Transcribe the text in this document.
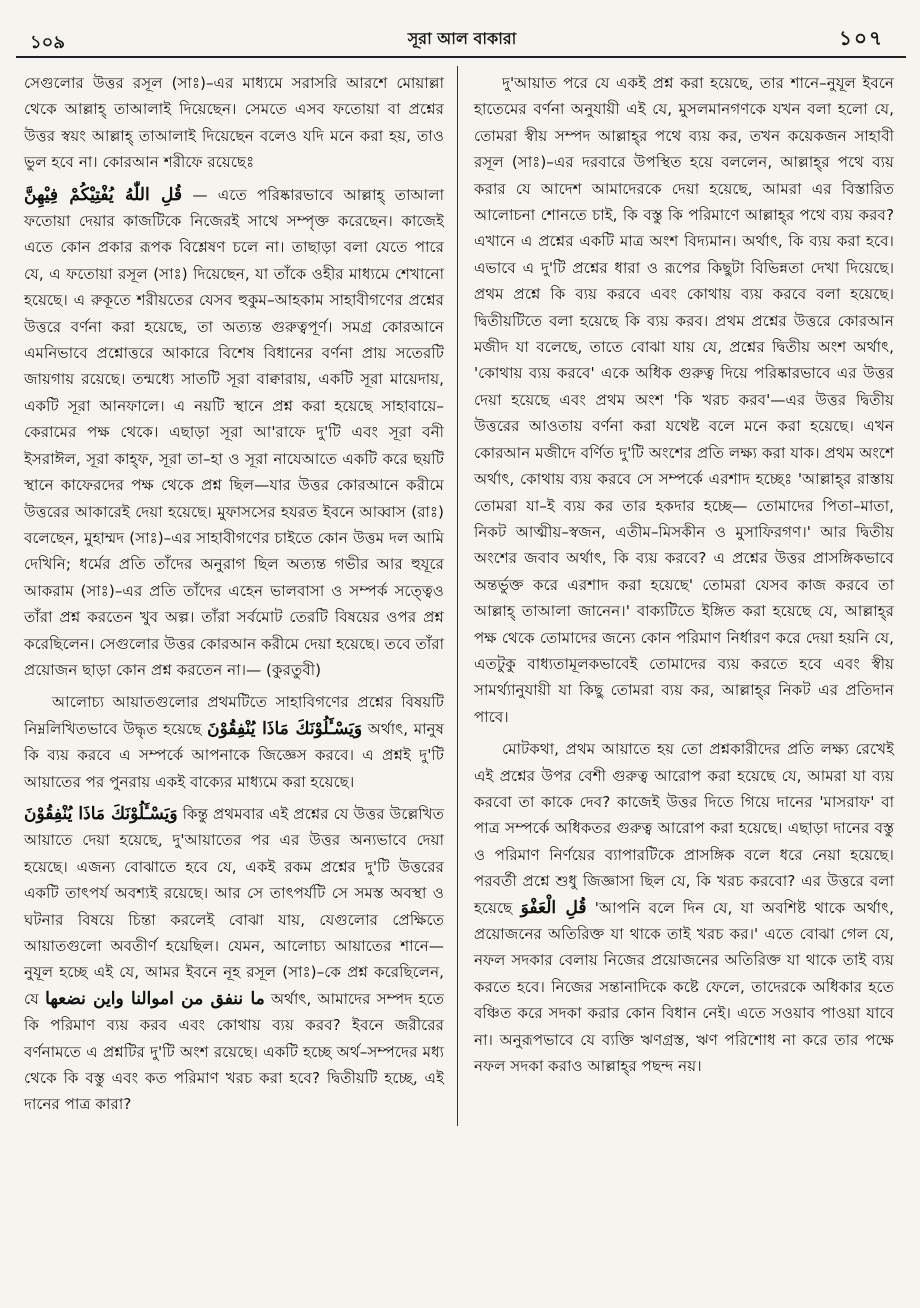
১০৯	সূরা আল বাকারা	১০৭

সেগুলোর উত্তর রসূল (সাঃ)–এর মাধ্যমে সরাসরি আরশে মোয়াল্লা থেকে আল্লাহ্ তাআলাই দিয়েছেন। সেমতে এসব ফতোয়া বা প্রশ্নের উত্তর স্বয়ং আল্লাহ্ তাআলাই দিয়েছেন বলেও যদি মনে করা হয়, তাও ভুল হবে না। কোরআন শরীফে রয়েছেঃ

قُلِ اللّٰهُ يُفْتِيْكُمْ فِيْهِنَّ — এতে পরিষ্কারভাবে আল্লাহ্ তাআলা ফতোয়া দেয়ার কাজটিকে নিজেরই সাথে সম্পৃক্ত করেছেন। কাজেই এতে কোন প্রকার রূপক বিশ্লেষণ চলে না। তাছাড়া বলা যেতে পারে যে, এ ফতোয়া রসূল (সাঃ) দিয়েছেন, যা তাঁকে ওহীর মাধ্যমে শেখানো হয়েছে। এ রুকূতে শরীয়তের যেসব হুকুম–আহকাম সাহাবীগণের প্রশ্নের উত্তরে বর্ণনা করা হয়েছে, তা অত্যন্ত গুরুত্বপূর্ণ। সমগ্র কোরআনে এমনিভাবে প্রশ্নোত্তরে আকারে বিশেষ বিধানের বর্ণনা প্রায় সতেরটি জায়গায় রয়েছে। তন্মধ্যে সাতটি সূরা বাক্বারায়, একটি সূরা মায়েদায়, একটি সূরা আনফালে। এ নয়টি স্থানে প্রশ্ন করা হয়েছে সাহাবায়ে–কেরামের পক্ষ থেকে। এছাড়া সূরা আ'রাফে দু'টি এবং সূরা বনী ইসরাঈল, সূরা কাহ্‌ফ, সূরা তা–হা ও সূরা নাযেআতে একটি করে ছয়টি স্থানে কাফেরদের পক্ষ থেকে প্রশ্ন ছিল—যার উত্তর কোরআনে করীমে উত্তরের আকারেই দেয়া হয়েছে। মুফাসসের হযরত ইবনে আব্বাস (রাঃ) বলেছেন, মুহাম্মদ (সাঃ)–এর সাহাবীগণের চাইতে কোন উত্তম দল আমি দেখিনি; ধর্মের প্রতি তাঁদের অনুরাগ ছিল অত্যন্ত গভীর আর হুযূরে আকরাম (সাঃ)–এর প্রতি তাঁদের এহেন ভালবাসা ও সম্পর্ক সত্ত্বেও তাঁরা প্রশ্ন করতেন খুব অল্প। তাঁরা সর্বমোট তেরটি বিষয়ের ওপর প্রশ্ন করেছিলেন। সেগুলোর উত্তর কোরআন করীমে দেয়া হয়েছে। তবে তাঁরা প্রয়োজন ছাড়া কোন প্রশ্ন করতেন না।— (কুরতুবী)

আলোচ্য আয়াতগুলোর প্রথমটিতে সাহাবিগণের প্রশ্নের বিষয়টি নিম্নলিখিতভাবে উদ্ধৃত হয়েছে وَيَسْـَٔلُوْنَكَ مَاذَا يُنْفِقُوْنَ অর্থাৎ, মানুষ কি ব্যয় করবে এ সম্পর্কে আপনাকে জিজ্ঞেস করবে। এ প্রশ্নই দু'টি আয়াতের পর পুনরায় একই বাক্যের মাধ্যমে করা হয়েছে।

وَيَسْـَٔلُوْنَكَ مَاذَا يُنْفِقُوْنَ কিন্তু প্রথমবার এই প্রশ্নের যে উত্তর উল্লেখিত আয়াতে দেয়া হয়েছে, দু'আয়াতের পর এর উত্তর অন্যভাবে দেয়া হয়েছে। এজন্য বোঝাতে হবে যে, একই রকম প্রশ্নের দু'টি উত্তরের একটি তাৎপর্য অবশ্যই রয়েছে। আর সে তাৎপর্যটি সে সমস্ত অবস্থা ও ঘটনার বিষয়ে চিন্তা করলেই বোঝা যায়, যেগুলোর প্রেক্ষিতে আয়াতগুলো অবতীর্ণ হয়েছিল। যেমন, আলোচ্য আয়াতের শানে—নুযূল হচ্ছে এই যে, আমর ইবনে নূহ রসূল (সাঃ)–কে প্রশ্ন করেছিলেন, যে ما ننفق من اموالنا واين نضعها অর্থাৎ, আমাদের সম্পদ হতে কি পরিমাণ ব্যয় করব এবং কোথায় ব্যয় করব? ইবনে জরীরের বর্ণনামতে এ প্রশ্নটির দু'টি অংশ রয়েছে। একটি হচ্ছে অর্থ–সম্পদের মধ্য থেকে কি বস্তু এবং কত পরিমাণ খরচ করা হবে? দ্বিতীয়টি হচ্ছে, এই দানের পাত্র কারা?

দু'আয়াত পরে যে একই প্রশ্ন করা হয়েছে, তার শানে–নুযূল ইবনে হাতেমের বর্ণনা অনুযায়ী এই যে, মুসলমানগণকে যখন বলা হলো যে, তোমরা স্বীয় সম্পদ আল্লাহ্‌র পথে ব্যয় কর, তখন কয়েকজন সাহাবী রসূল (সাঃ)–এর দরবারে উপস্থিত হয়ে বললেন, আল্লাহ্‌র পথে ব্যয় করার যে আদেশ আমাদেরকে দেয়া হয়েছে, আমরা এর বিস্তারিত আলোচনা শোনতে চাই, কি বস্তু কি পরিমাণে আল্লাহ্‌র পথে ব্যয় করব? এখানে এ প্রশ্নের একটি মাত্র অংশ বিদ্যমান। অর্থাৎ, কি ব্যয় করা হবে। এভাবে এ দু'টি প্রশ্নের ধারা ও রূপের কিছুটা বিভিন্নতা দেখা দিয়েছে। প্রথম প্রশ্নে কি ব্যয় করবে এবং কোথায় ব্যয় করবে বলা হয়েছে। দ্বিতীয়টিতে বলা হয়েছে কি ব্যয় করব। প্রথম প্রশ্নের উত্তরে কোরআন মজীদ যা বলেছে, তাতে বোঝা যায় যে, প্রশ্নের দ্বিতীয় অংশ অর্থাৎ, 'কোথায় ব্যয় করবে' একে অধিক গুরুত্ব দিয়ে পরিষ্কারভাবে এর উত্তর দেয়া হয়েছে এবং প্রথম অংশ 'কি খরচ করব'—এর উত্তর দ্বিতীয় উত্তরের আওতায় বর্ণনা করা যথেষ্ট বলে মনে করা হয়েছে। এখন কোরআন মজীদে বর্ণিত দু'টি অংশের প্রতি লক্ষ্য করা যাক। প্রথম অংশে অর্থাৎ, কোথায় ব্যয় করবে সে সম্পর্কে এরশাদ হচ্ছেঃ 'আল্লাহ্‌র রাস্তায় তোমরা যা–ই ব্যয় কর তার হকদার হচ্ছে— তোমাদের পিতা–মাতা, নিকট আত্মীয়–স্বজন, এতীম–মিসকীন ও মুসাফিরগণ।' আর দ্বিতীয় অংশের জবাব অর্থাৎ, কি ব্যয় করবে? এ প্রশ্নের উত্তর প্রাসঙ্গিকভাবে অন্তর্ভুক্ত করে এরশাদ করা হয়েছে' তোমরা যেসব কাজ করবে তা আল্লাহ্ তাআলা জানেন।' বাক্যটিতে ইঙ্গিত করা হয়েছে যে, আল্লাহ্‌র পক্ষ থেকে তোমাদের জন্যে কোন পরিমাণ নির্ধারণ করে দেয়া হয়নি যে, এতটুকু বাধ্যতামূলকভাবেই তোমাদের ব্যয় করতে হবে এবং স্বীয় সামর্থ্যানুযায়ী যা কিছু তোমরা ব্যয় কর, আল্লাহ্‌র নিকট এর প্রতিদান পাবে।

মোটকথা, প্রথম আয়াতে হয় তো প্রশ্নকারীদের প্রতি লক্ষ্য রেখেই এই প্রশ্নের উপর বেশী গুরুত্ব আরোপ করা হয়েছে যে, আমরা যা ব্যয় করবো তা কাকে দেব? কাজেই উত্তর দিতে গিয়ে দানের 'মাসরাফ' বা পাত্র সম্পর্কে অধিকতর গুরুত্ব আরোপ করা হয়েছে। এছাড়া দানের বস্তু ও পরিমাণ নির্ণয়ের ব্যাপারটিকে প্রাসঙ্গিক বলে ধরে নেয়া হয়েছে। পরবর্তী প্রশ্নে শুধু জিজ্ঞাসা ছিল যে, কি খরচ করবো? এর উত্তরে বলা হয়েছে قُلِ الْعَفْوَ 'আপনি বলে দিন যে, যা অবশিষ্ট থাকে অর্থাৎ, প্রয়োজনের অতিরিক্ত যা থাকে তাই খরচ কর।' এতে বোঝা গেল যে, নফল সদকার বেলায় নিজের প্রয়োজনের অতিরিক্ত যা থাকে তাই ব্যয় করতে হবে। নিজের সন্তানাদিকে কষ্টে ফেলে, তাদেরকে অধিকার হতে বঞ্চিত করে সদকা করার কোন বিধান নেই। এতে সওয়াব পাওয়া যাবে না। অনুরূপভাবে যে ব্যক্তি ঋণগ্রস্ত, ঋণ পরিশোধ না করে তার পক্ষে নফল সদকা করাও আল্লাহ্‌র পছন্দ নয়।
